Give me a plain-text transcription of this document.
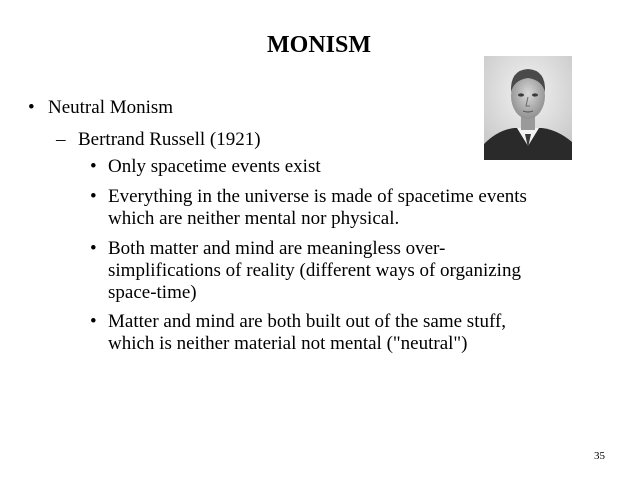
MONISM
• Neutral Monism
– Bertrand Russell (1921)
• Only spacetime events exist
• Everything in the universe is made of spacetime events
which are neither mental nor physical.
• Both matter and mind are meaningless over-
simplifications of reality (different ways of organizing
space-time)
• Matter and mind are both built out of the same stuff,
which is neither material not mental ("neutral")
35
